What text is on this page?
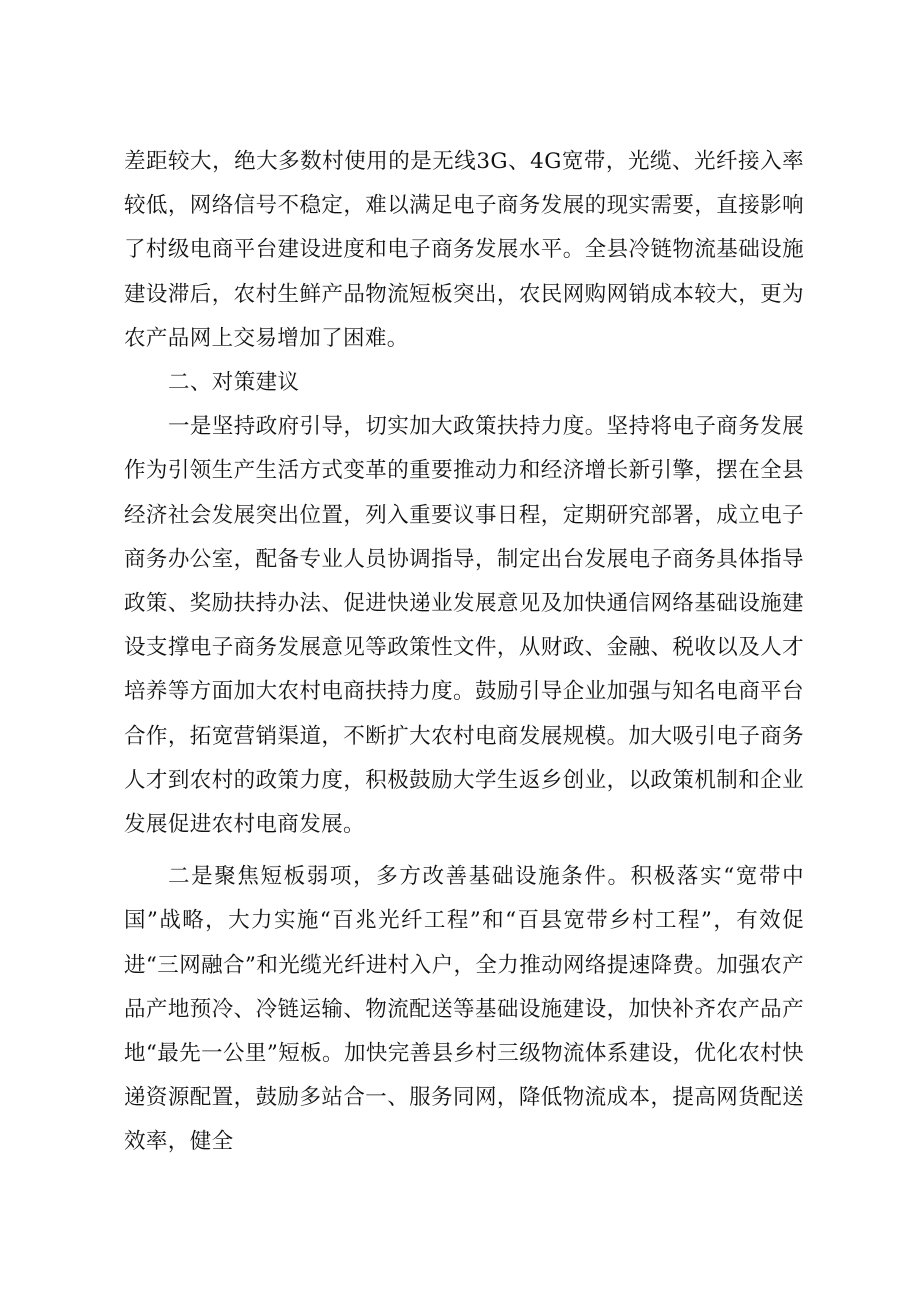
差距较大，绝大多数村使用的是无线3G、4G宽带，光缆、光纤接入率较低，网络信号不稳定，难以满足电子商务发展的现实需要，直接影响了村级电商平台建设进度和电子商务发展水平。全县冷链物流基础设施建设滞后，农村生鲜产品物流短板突出，农民网购网销成本较大，更为农产品网上交易增加了困难。

二、对策建议

一是坚持政府引导，切实加大政策扶持力度。坚持将电子商务发展作为引领生产生活方式变革的重要推动力和经济增长新引擎，摆在全县经济社会发展突出位置，列入重要议事日程，定期研究部署，成立电子商务办公室，配备专业人员协调指导，制定出台发展电子商务具体指导政策、奖励扶持办法、促进快递业发展意见及加快通信网络基础设施建设支撑电子商务发展意见等政策性文件，从财政、金融、税收以及人才培养等方面加大农村电商扶持力度。鼓励引导企业加强与知名电商平台合作，拓宽营销渠道，不断扩大农村电商发展规模。加大吸引电子商务人才到农村的政策力度，积极鼓励大学生返乡创业，以政策机制和企业发展促进农村电商发展。

二是聚焦短板弱项，多方改善基础设施条件。积极落实“宽带中国”战略，大力实施“百兆光纤工程”和“百县宽带乡村工程”，有效促进“三网融合”和光缆光纤进村入户，全力推动网络提速降费。加强农产品产地预冷、冷链运输、物流配送等基础设施建设，加快补齐农产品产地“最先一公里”短板。加快完善县乡村三级物流体系建设，优化农村快递资源配置，鼓励多站合一、服务同网，降低物流成本，提高网货配送效率，健全
